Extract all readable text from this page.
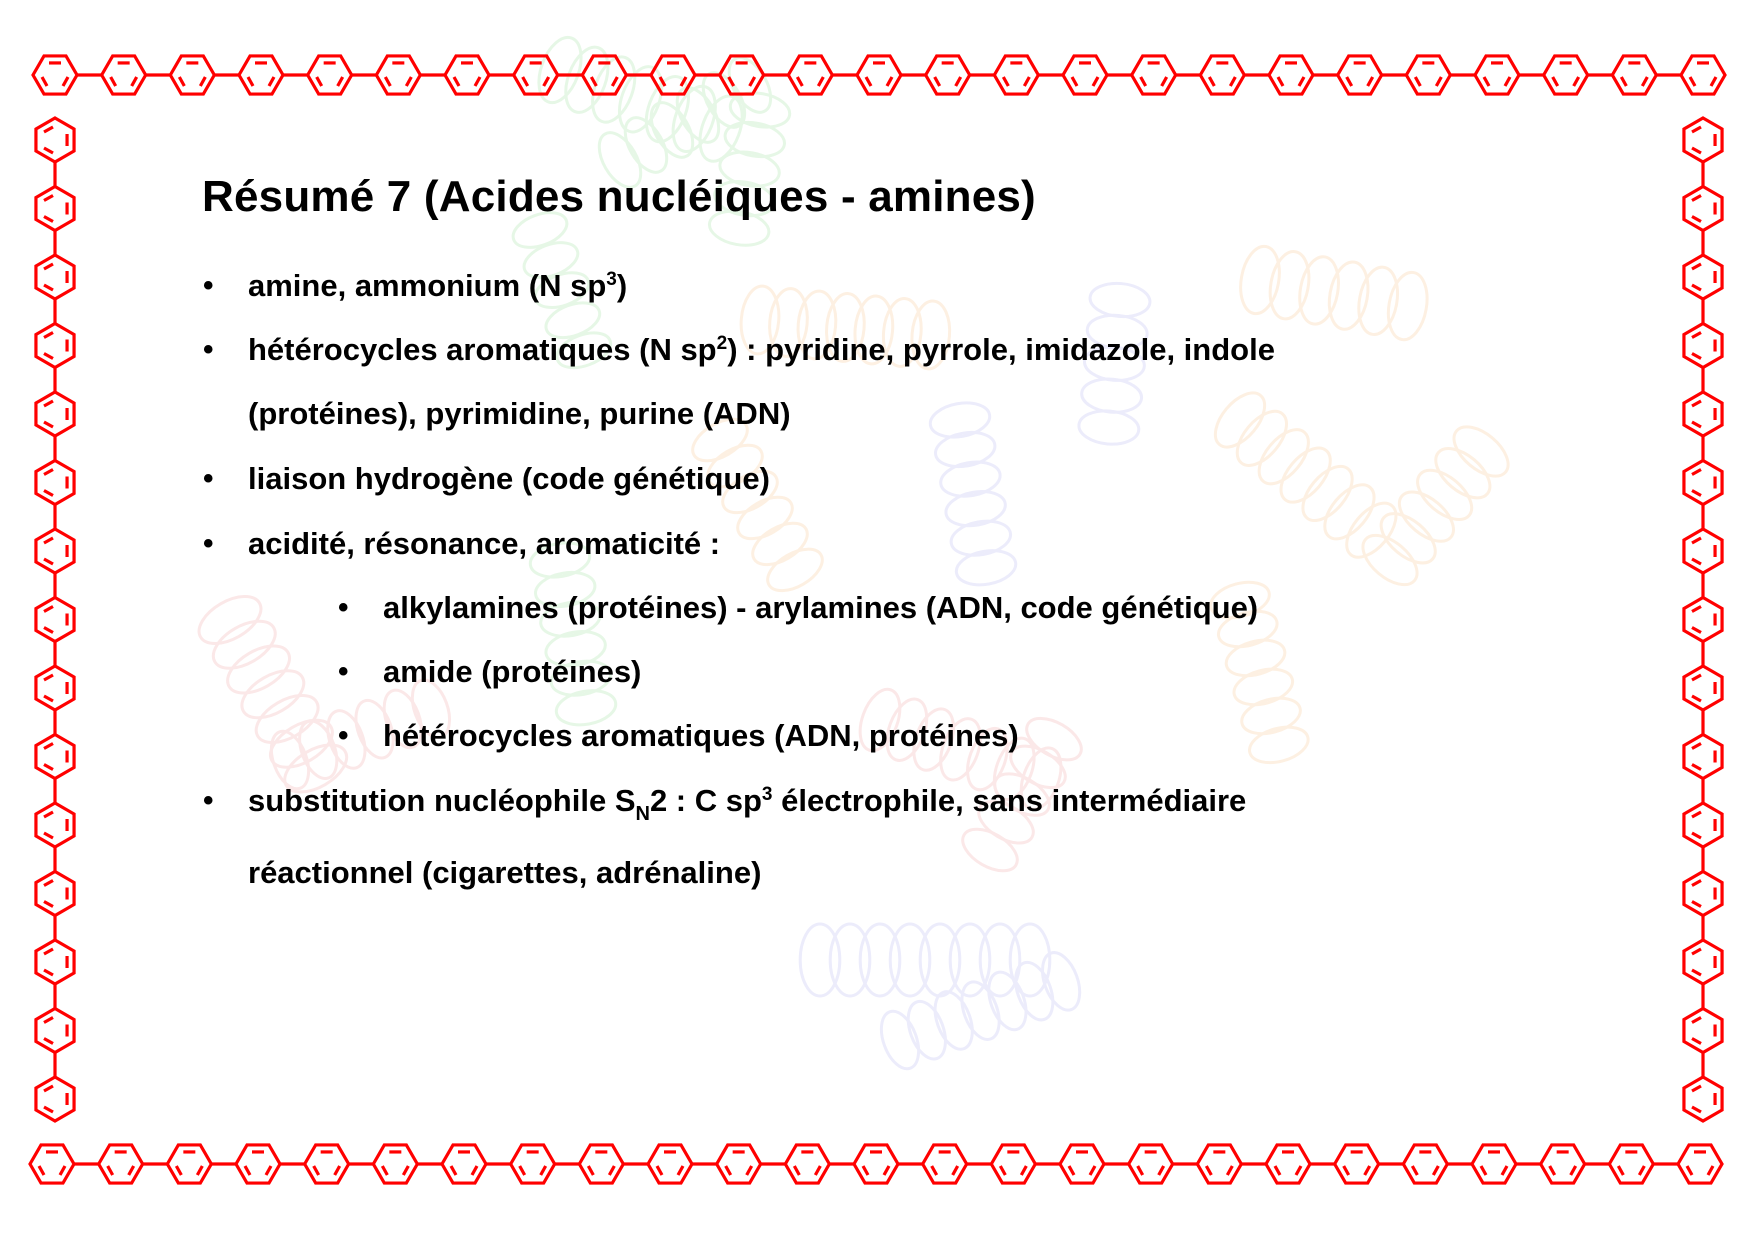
Résumé 7 (Acides nucléiques - amines)
• amine, ammonium (N $sp^3$)
• hétérocycles aromatiques (N $sp^2$) : pyridine, pyrrole, imidazole, indole
(protéines), pyrimidine, purine (ADN)
• liaison hydrogène (code génétique)
• acidité, résonance, aromaticité :
• alkylamines (protéines) - arylamines (ADN, code génétique)
• amide (protéines)
• hétérocycles aromatiques (ADN, protéines)
• substitution nucléophile $S_N2$ : C $sp^3$ électrophile, sans intermédiaire
réactionnel (cigarettes, adrénaline)
